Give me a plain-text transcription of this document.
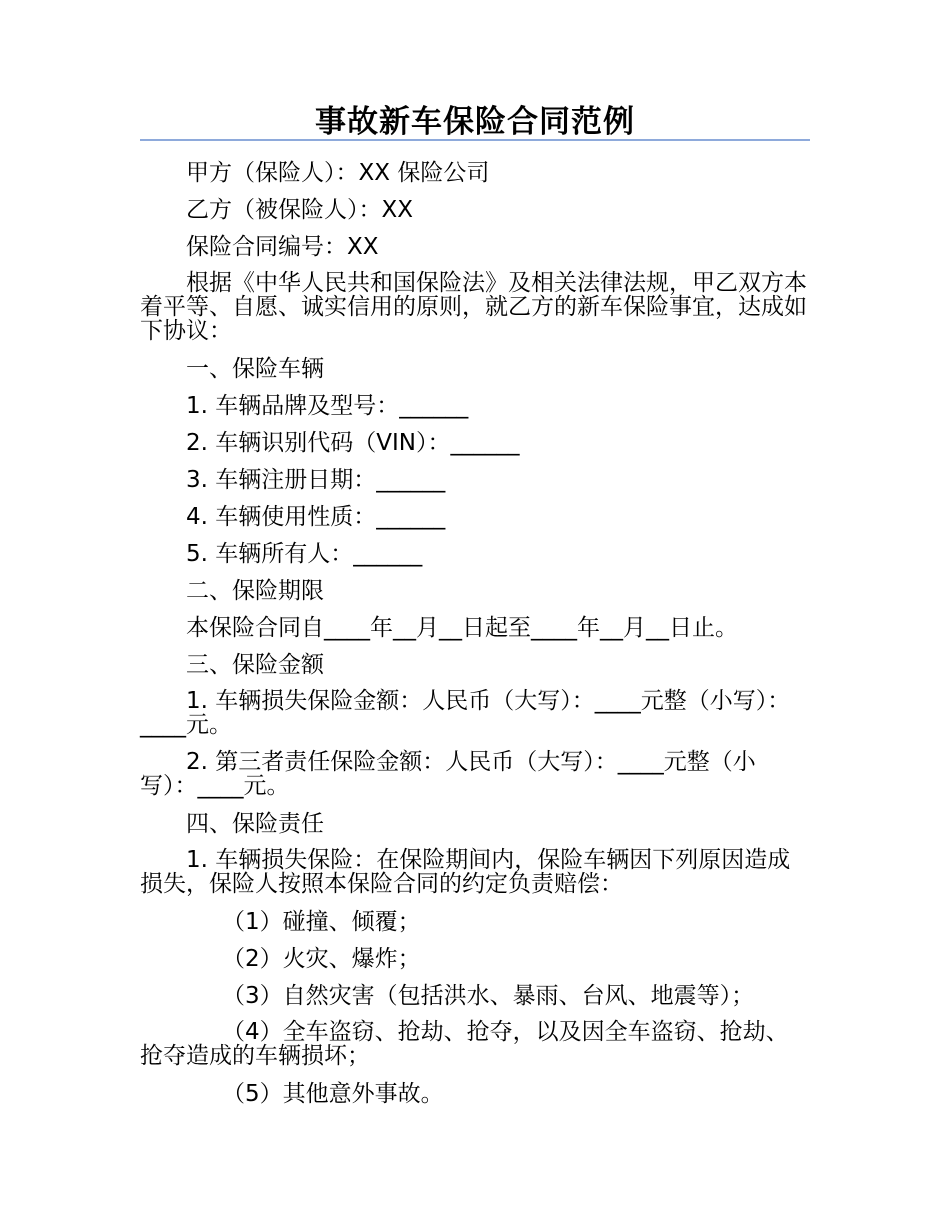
事故新车保险合同范例

甲方（保险人）：XX 保险公司

乙方（被保险人）：XX

保险合同编号：XX

根据《中华人民共和国保险法》及相关法律法规，甲乙双方本着平等、自愿、诚实信用的原则，就乙方的新车保险事宜，达成如下协议：

一、保险车辆

1. 车辆品牌及型号：______

2. 车辆识别代码（VIN）：______

3. 车辆注册日期：______

4. 车辆使用性质：______

5. 车辆所有人：______

二、保险期限

本保险合同自____年__月__日起至____年__月__日止。

三、保险金额

1. 车辆损失保险金额：人民币（大写）：____元整（小写）：____元。

2. 第三者责任保险金额：人民币（大写）：____元整（小写）：____元。

四、保险责任

1. 车辆损失保险：在保险期间内，保险车辆因下列原因造成损失，保险人按照本保险合同的约定负责赔偿：

（1）碰撞、倾覆；

（2）火灾、爆炸；

（3）自然灾害（包括洪水、暴雨、台风、地震等）；

（4）全车盗窃、抢劫、抢夺，以及因全车盗窃、抢劫、抢夺造成的车辆损坏；

（5）其他意外事故。
